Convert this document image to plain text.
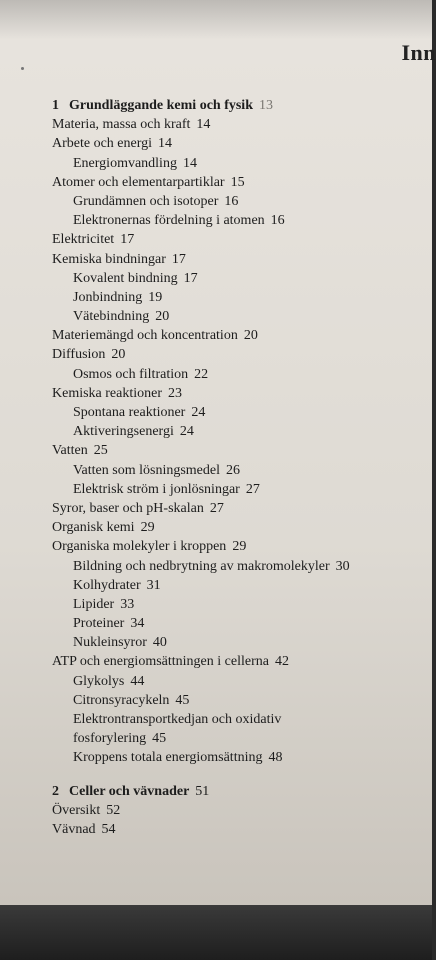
Inn
1 Grundläggande kemi och fysik 13
Materia, massa och kraft 14
Arbete och energi 14
Energiomvandling 14
Atomer och elementarpartiklar 15
Grundämnen och isotoper 16
Elektronernas fördelning i atomen 16
Elektricitet 17
Kemiska bindningar 17
Kovalent bindning 17
Jonbindning 19
Vätebindning 20
Materiemängd och koncentration 20
Diffusion 20
Osmos och filtration 22
Kemiska reaktioner 23
Spontana reaktioner 24
Aktiveringsenergi 24
Vatten 25
Vatten som lösningsmedel 26
Elektrisk ström i jonlösningar 27
Syror, baser och pH-skalan 27
Organisk kemi 29
Organiska molekyler i kroppen 29
Bildning och nedbrytning av makromolekyler 30
Kolhydrater 31
Lipider 33
Proteiner 34
Nukleinsyror 40
ATP och energiomsättningen i cellerna 42
Glykolys 44
Citronsyracykeln 45
Elektrontransportkedjan och oxidativ
fosforylering 45
Kroppens totala energiomsättning 48
2 Celler och vävnader 51
Översikt 52
Vävnad 54
